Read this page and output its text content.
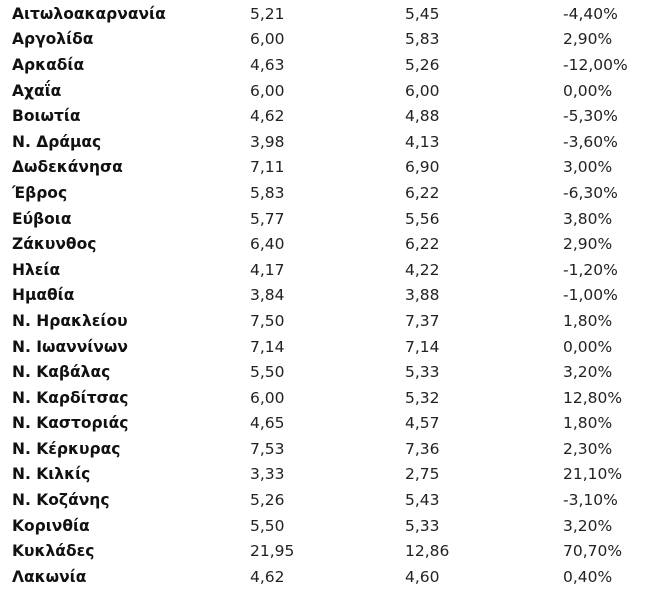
Αιτωλοακαρνανία	5,21	5,45	-4,40%
Αργολίδα	6,00	5,83	2,90%
Αρκαδία	4,63	5,26	-12,00%
Αχαΐα	6,00	6,00	0,00%
Βοιωτία	4,62	4,88	-5,30%
Ν. Δράμας	3,98	4,13	-3,60%
Δωδεκάνησα	7,11	6,90	3,00%
Έβρος	5,83	6,22	-6,30%
Εύβοια	5,77	5,56	3,80%
Ζάκυνθος	6,40	6,22	2,90%
Ηλεία	4,17	4,22	-1,20%
Ημαθία	3,84	3,88	-1,00%
Ν. Ηρακλείου	7,50	7,37	1,80%
Ν. Ιωαννίνων	7,14	7,14	0,00%
Ν. Καβάλας	5,50	5,33	3,20%
Ν. Καρδίτσας	6,00	5,32	12,80%
Ν. Καστοριάς	4,65	4,57	1,80%
Ν. Κέρκυρας	7,53	7,36	2,30%
Ν. Κιλκίς	3,33	2,75	21,10%
Ν. Κοζάνης	5,26	5,43	-3,10%
Κορινθία	5,50	5,33	3,20%
Κυκλάδες	21,95	12,86	70,70%
Λακωνία	4,62	4,60	0,40%
